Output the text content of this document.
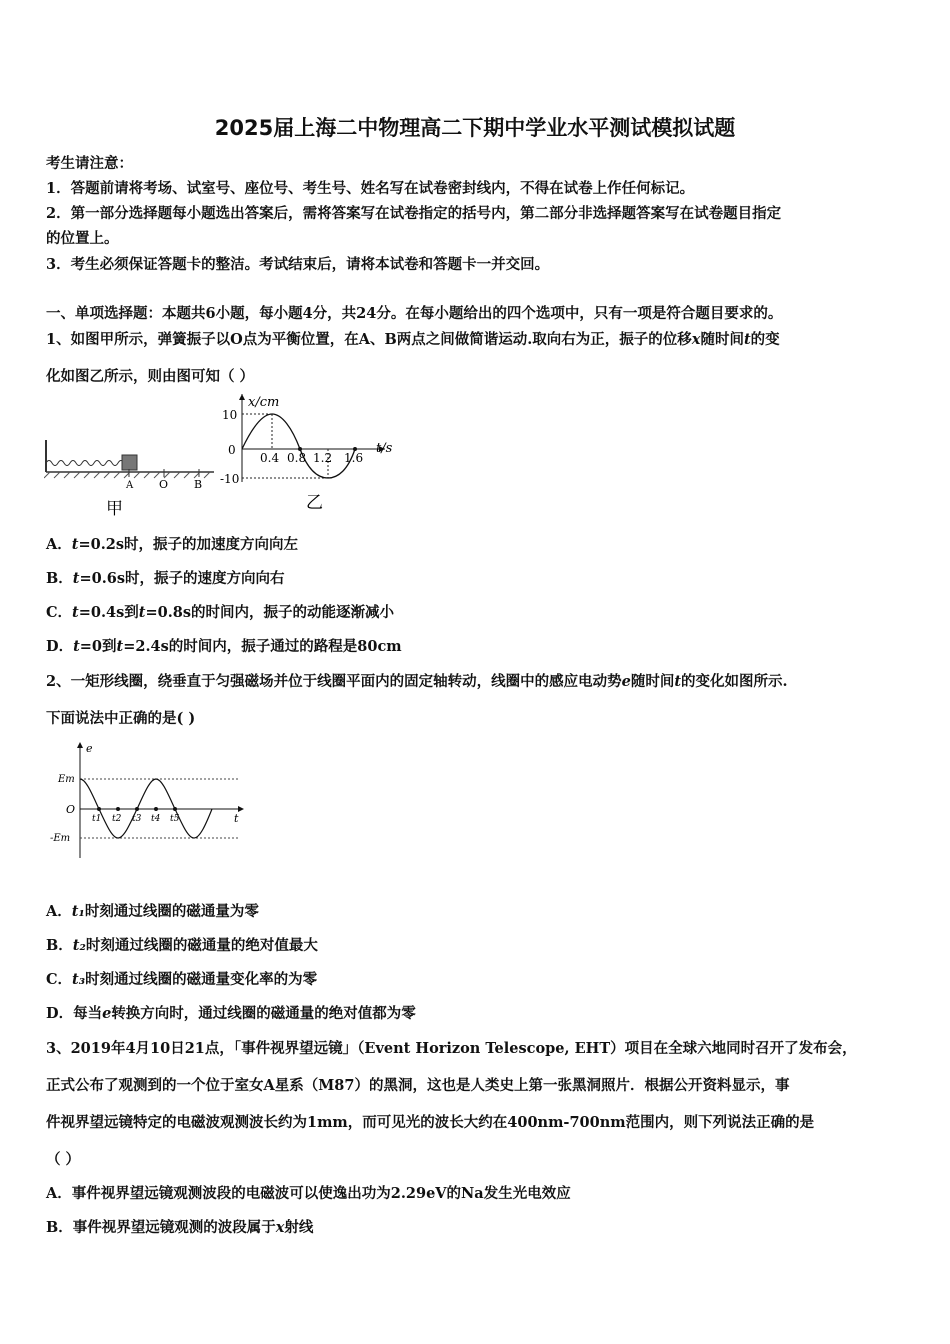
2025届上海二中物理高二下期中学业水平测试模拟试题
考生请注意：
1．答题前请将考场、试室号、座位号、考生号、姓名写在试卷密封线内，不得在试卷上作任何标记。
2．第一部分选择题每小题选出答案后，需将答案写在试卷指定的括号内，第二部分非选择题答案写在试卷题目指定
的位置上。
3．考生必须保证答题卡的整洁。考试结束后，请将本试卷和答题卡一并交回。
一、单项选择题：本题共6小题，每小题4分，共24分。在每小题给出的四个选项中，只有一项是符合题目要求的。
1、如图甲所示，弹簧振子以O点为平衡位置，在A、B两点之间做简谐运动.取向右为正，振子的位移x随时间t的变
化如图乙所示，则由图可知（ ）
A O B
甲
x/cm
t/s
10
0
-10
0.4 0.8 1.2 1.6
乙
A．t=0.2s时，振子的加速度方向向左
B．t=0.6s时，振子的速度方向向右
C．t=0.4s到t=0.8s的时间内，振子的动能逐渐减小
D．t=0到t=2.4s的时间内，振子通过的路程是80cm
2、一矩形线圈，绕垂直于匀强磁场并位于线圈平面内的固定轴转动，线圈中的感应电动势e随时间t的变化如图所示.
下面说法中正确的是( )
e
t
Em
O
-Em
t1 t2 t3 t4 t5
A．t₁时刻通过线圈的磁通量为零
B．t₂时刻通过线圈的磁通量的绝对值最大
C．t₃时刻通过线圈的磁通量变化率的为零
D．每当e转换方向时，通过线圈的磁通量的绝对值都为零
3、2019年4月10日21点，「事件视界望远镜」（Event Horizon Telescope, EHT）项目在全球六地同时召开了发布会，
正式公布了观测到的一个位于室女A星系（M87）的黑洞，这也是人类史上第一张黑洞照片．根据公开资料显示，事
件视界望远镜特定的电磁波观测波长约为1mm，而可见光的波长大约在400nm-700nm范围内，则下列说法正确的是
（ ）
A．事件视界望远镜观测波段的电磁波可以使逸出功为2.29eV的Na发生光电效应
B．事件视界望远镜观测的波段属于x射线
